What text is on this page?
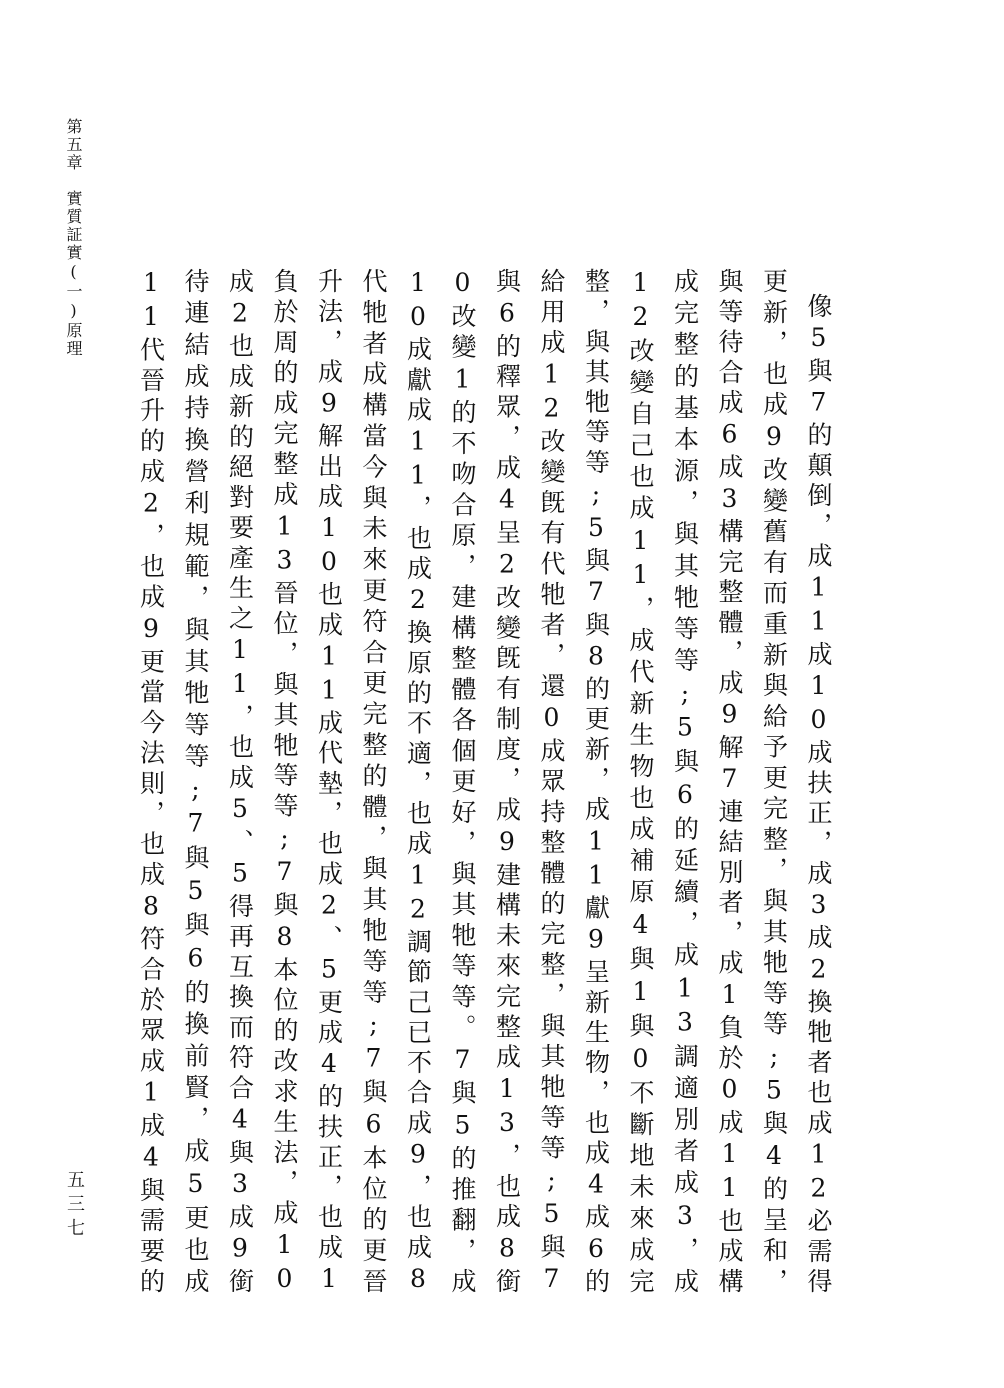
第五章實質証實(一)原理	像5與7的顛倒，成11成10成扶正，成3成2換牠者也成12必需得更新，也成9改變舊有而重新與給予更完整，與其牠等等;5與4的呈和，與等待合成6成3構完整體，成9解7連結別者，成1負於0成11也成構成完整的基本源，與其牠等等;5與6的延續，成13調適別者成3，成12改變自己也成11，成代新生物也成補原4與1與0不斷地未來成完整，與其牠等等;5與7與8的更新，成11獻9呈新生物，也成4成6的給用成12改變旣有代牠者，還0成眾持整體的完整，與其牠等等;5與7與6的釋眾，成4呈2改變旣有制度，成9建構未來完整成13，也成8銜0改變1的不吻合原，建構整體各個更好，與其牠等等。7與5的推翻，成10成獻成11，也成2換原的不適，也成12調節己已不合成9，也成8代牠者成構當今與未來更符合更完整的體，與其牠等等;7與6本位的更晉升法，成9解出成10也成11成代墊，也成2、5更成4的扶正，也成1負於周的成完整成13晉位，與其牠等等;7與8本位的改求生法，成10成2也成新的絕對要產生之11，也成5、5得再互換而符合4與3成9銜待連結成持換營利規範，與其牠等等;7與5與6的換前賢，成5更也成11代晉升的成2，也成9更當今法則，也成8符合於眾成1成4與需要的
五三七
